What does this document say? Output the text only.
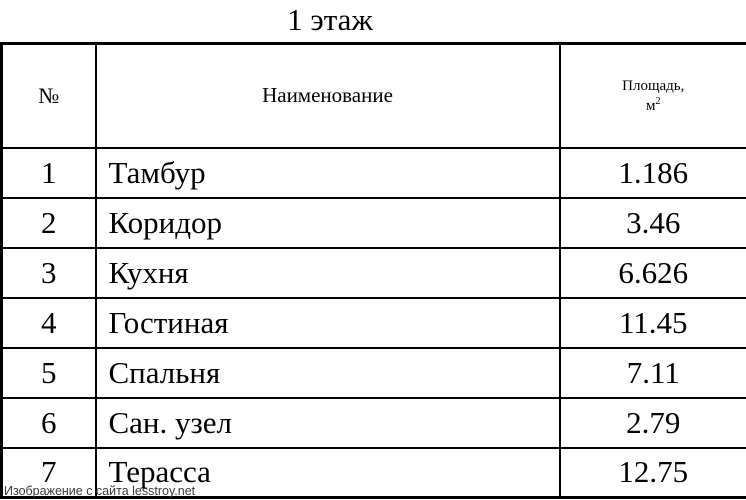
1 этаж
№	Наименование	Площадь,
$м^2$

1	Тамбур	1.186
2	Коридор	3.46
3	Кухня	6.626
4	Гостиная	11.45
5	Спальня	7.11
6	Сан. узел	2.79
7	Терасса	12.75
Изображение с сайта lesstroy.net
